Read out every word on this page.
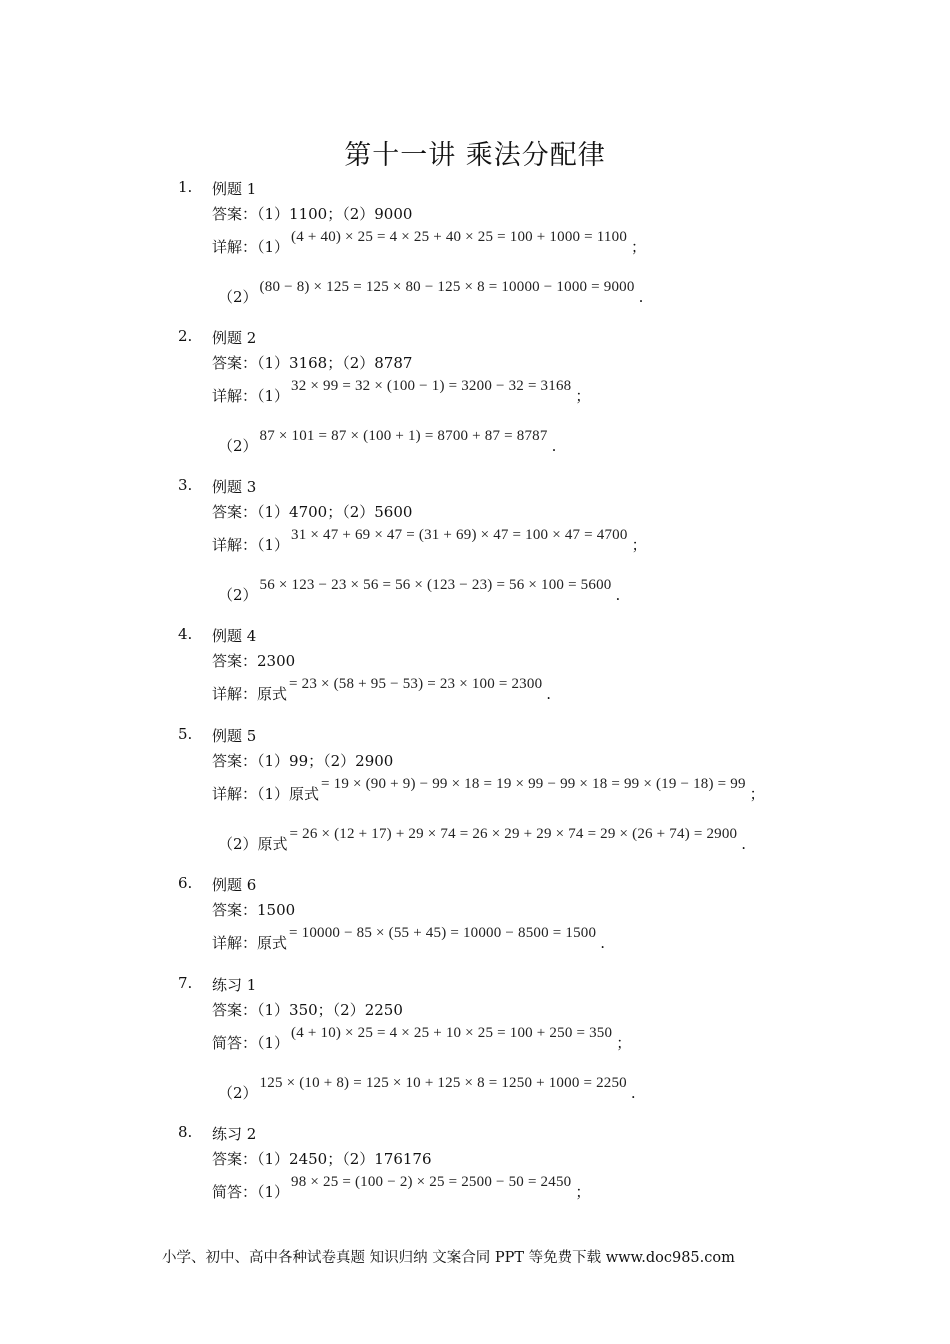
第十一讲 乘法分配律
1. 例题 1
答案：（1）1100；（2）9000
详解：（1）(4 + 40) × 25 = 4 × 25 + 40 × 25 = 100 + 1000 = 1100；
（2）(80 − 8) × 125 = 125 × 80 − 125 × 8 = 10000 − 1000 = 9000.
2. 例题 2
答案：（1）3168；（2）8787
详解：（1）32 × 99 = 32 × (100 − 1) = 3200 − 32 = 3168；
（2）87 × 101 = 87 × (100 + 1) = 8700 + 87 = 8787.
3. 例题 3
答案：（1）4700；（2）5600
详解：（1）31 × 47 + 69 × 47 = (31 + 69) × 47 = 100 × 47 = 4700；
（2）56 × 123 − 23 × 56 = 56 × (123 − 23) = 56 × 100 = 5600.
4. 例题 4
答案：2300
详解：原式= 23 × (58 + 95 − 53) = 23 × 100 = 2300.
5. 例题 5
答案：（1）99；（2）2900
详解：（1）原式= 19 × (90 + 9) − 99 × 18 = 19 × 99 − 99 × 18 = 99 × (19 − 18) = 99；
（2）原式= 26 × (12 + 17) + 29 × 74 = 26 × 29 + 29 × 74 = 29 × (26 + 74) = 2900.
6. 例题 6
答案：1500
详解：原式= 10000 − 85 × (55 + 45) = 10000 − 8500 = 1500.
7. 练习 1
答案：（1）350；（2）2250
简答：（1）(4 + 10) × 25 = 4 × 25 + 10 × 25 = 100 + 250 = 350；
（2）125 × (10 + 8) = 125 × 10 + 125 × 8 = 1250 + 1000 = 2250.
8. 练习 2
答案：（1）2450；（2）176176
简答：（1）98 × 25 = (100 − 2) × 25 = 2500 − 50 = 2450；
小学、初中、高中各种试卷真题 知识归纳 文案合同 PPT 等免费下载 www.doc985.com
